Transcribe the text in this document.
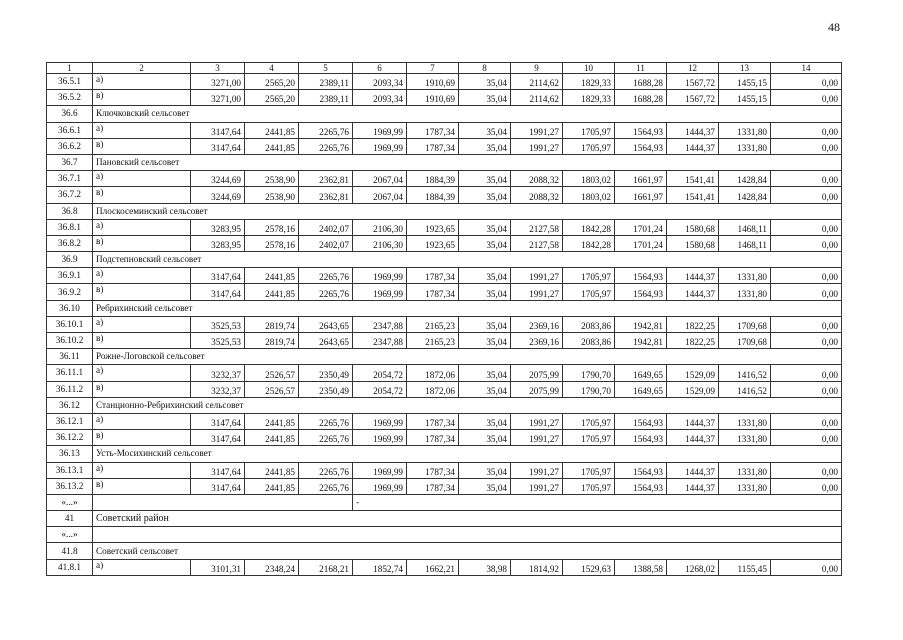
48
1	2	3	4	5	6	7	8	9	10	11	12	13	14
36.5.1	а)	3271,00	2565,20	2389,11	2093,34	1910,69	35,04	2114,62	1829,33	1688,28	1567,72	1455,15	0,00
36.5.2	в)	3271,00	2565,20	2389,11	2093,34	1910,69	35,04	2114,62	1829,33	1688,28	1567,72	1455,15	0,00
36.6	Ключковский сельсовет												
36.6.1	а)	3147,64	2441,85	2265,76	1969,99	1787,34	35,04	1991,27	1705,97	1564,93	1444,37	1331,80	0,00
36.6.2	в)	3147,64	2441,85	2265,76	1969,99	1787,34	35,04	1991,27	1705,97	1564,93	1444,37	1331,80	0,00
36.7	Пановский сельсовет												
36.7.1	а)	3244,69	2538,90	2362,81	2067,04	1884,39	35,04	2088,32	1803,02	1661,97	1541,41	1428,84	0,00
36.7.2	в)	3244,69	2538,90	2362,81	2067,04	1884,39	35,04	2088,32	1803,02	1661,97	1541,41	1428,84	0,00
36.8	Плоскосеминский сельсовет												
36.8.1	а)	3283,95	2578,16	2402,07	2106,30	1923,65	35,04	2127,58	1842,28	1701,24	1580,68	1468,11	0,00
36.8.2	в)	3283,95	2578,16	2402,07	2106,30	1923,65	35,04	2127,58	1842,28	1701,24	1580,68	1468,11	0,00
36.9	Подстепновский сельсовет												
36.9.1	а)	3147,64	2441,85	2265,76	1969,99	1787,34	35,04	1991,27	1705,97	1564,93	1444,37	1331,80	0,00
36.9.2	в)	3147,64	2441,85	2265,76	1969,99	1787,34	35,04	1991,27	1705,97	1564,93	1444,37	1331,80	0,00
36.10	Ребрихинский сельсовет												
36.10.1	а)	3525,53	2819,74	2643,65	2347,88	2165,23	35,04	2369,16	2083,86	1942,81	1822,25	1709,68	0,00
36.10.2	в)	3525,53	2819,74	2643,65	2347,88	2165,23	35,04	2369,16	2083,86	1942,81	1822,25	1709,68	0,00
36.11	Рожне-Логовской сельсовет												
36.11.1	а)	3232,37	2526,57	2350,49	2054,72	1872,06	35,04	2075,99	1790,70	1649,65	1529,09	1416,52	0,00
36.11.2	в)	3232,37	2526,57	2350,49	2054,72	1872,06	35,04	2075,99	1790,70	1649,65	1529,09	1416,52	0,00
36.12	Станционно-Ребрихинский сельсовет												
36.12.1	а)	3147,64	2441,85	2265,76	1969,99	1787,34	35,04	1991,27	1705,97	1564,93	1444,37	1331,80	0,00
36.12.2	в)	3147,64	2441,85	2265,76	1969,99	1787,34	35,04	1991,27	1705,97	1564,93	1444,37	1331,80	0,00
36.13	Усть-Мосихинский сельсовет												
36.13.1	а)	3147,64	2441,85	2265,76	1969,99	1787,34	35,04	1991,27	1705,97	1564,93	1444,37	1331,80	0,00
36.13.2	в)	3147,64	2441,85	2265,76	1969,99	1787,34	35,04	1991,27	1705,97	1564,93	1444,37	1331,80	0,00
«...»					-								
41	Советский район												
«...»													
41.8	Советский сельсовет												
41.8.1	а)	3101,31	2348,24	2168,21	1852,74	1662,21	38,98	1814,92	1529,63	1388,58	1268,02	1155,45	0,00
